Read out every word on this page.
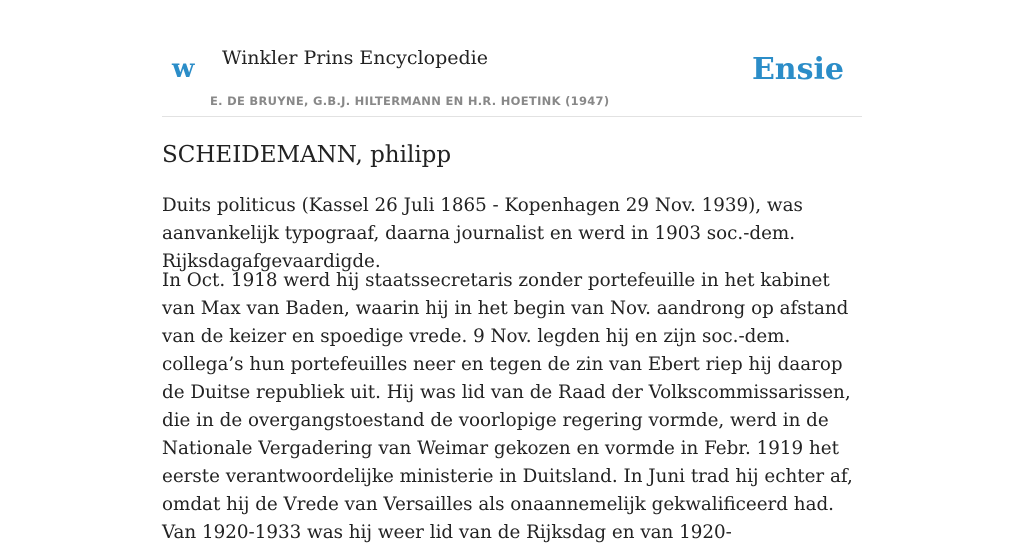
w Winkler Prins Encyclopedie
E. DE BRUYNE, G.B.J. HILTERMANN EN H.R. HOETINK (1947)
Ensie
SCHEIDEMANN, philipp

Duits politicus (Kassel 26 Juli 1865 - Kopenhagen 29 Nov. 1939), was aanvankelijk typograaf, daarna journalist en werd in 1903 soc.-dem. Rijksdagafgevaardigde.

In Oct. 1918 werd hij staatssecretaris zonder portefeuille in het kabinet van Max van Baden, waarin hij in het begin van Nov. aandrong op afstand van de keizer en spoedige vrede. 9 Nov. legden hij en zijn soc.-dem. collega’s hun portefeuilles neer en tegen de zin van Ebert riep hij daarop de Duitse republiek uit. Hij was lid van de Raad der Volkscommissarissen, die in de overgangstoestand de voorlopige regering vormde, werd in de Nationale Vergadering van Weimar gekozen en vormde in Febr. 1919 het eerste verantwoordelijke ministerie in Duitsland. In Juni trad hij echter af, omdat hij de Vrede van Versailles als onaannemelijk gekwalificeerd had. Van 1920-1933 was hij weer lid van de Rijksdag en van 1920-
